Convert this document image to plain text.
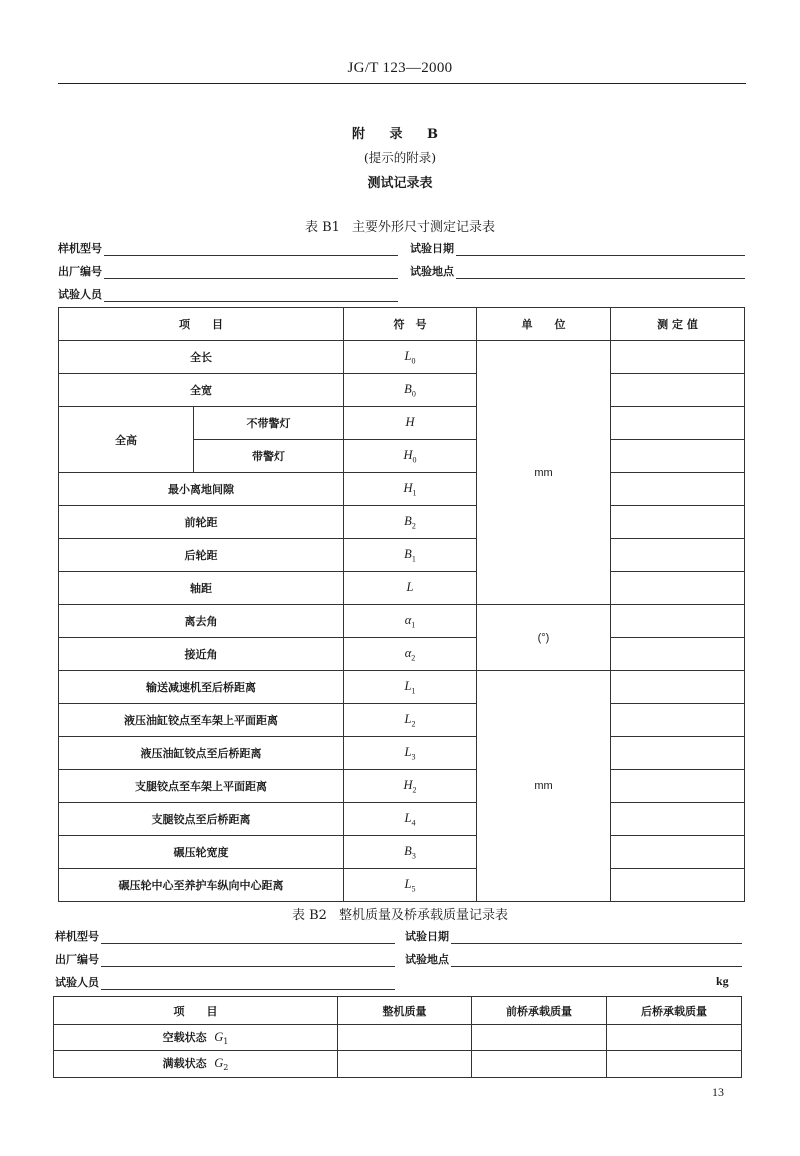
JG/T 123—2000
附 录 B
(提示的附录)
测试记录表
表 B1 主要外形尺寸测定记录表
样机型号	试验日期
出厂编号	试验地点
试验人员
项　　目		符　号	单　　位	测 定 值
全长		$L_0$	mm	
全宽		$B_0$	
全高	不带警灯	H		
	带警灯	$H_0$	
最小离地间隙		$H_1$	
前轮距		$B_2$	
后轮距		$B_1$	
轴距		L		
离去角		$\alpha_1$	(°)	
接近角		$\alpha_2$	
输送减速机至后桥距离		$L_1$	mm	
液压油缸铰点至车架上平面距离		$L_2$	
液压油缸铰点至后桥距离		$L_3$	
支腿铰点至车架上平面距离		$H_2$	
支腿铰点至后桥距离		$L_4$	
碾压轮宽度		$B_3$	
碾压轮中心至养护车纵向中心距离		$L_5$	
表 B2 整机质量及桥承载质量记录表
样机型号	试验日期
出厂编号	试验地点
试验人员	kg
项　　目	整机质量	前桥承载质量	后桥承载质量
空载状态 $G_1$			
满载状态 $G_2$			
13
